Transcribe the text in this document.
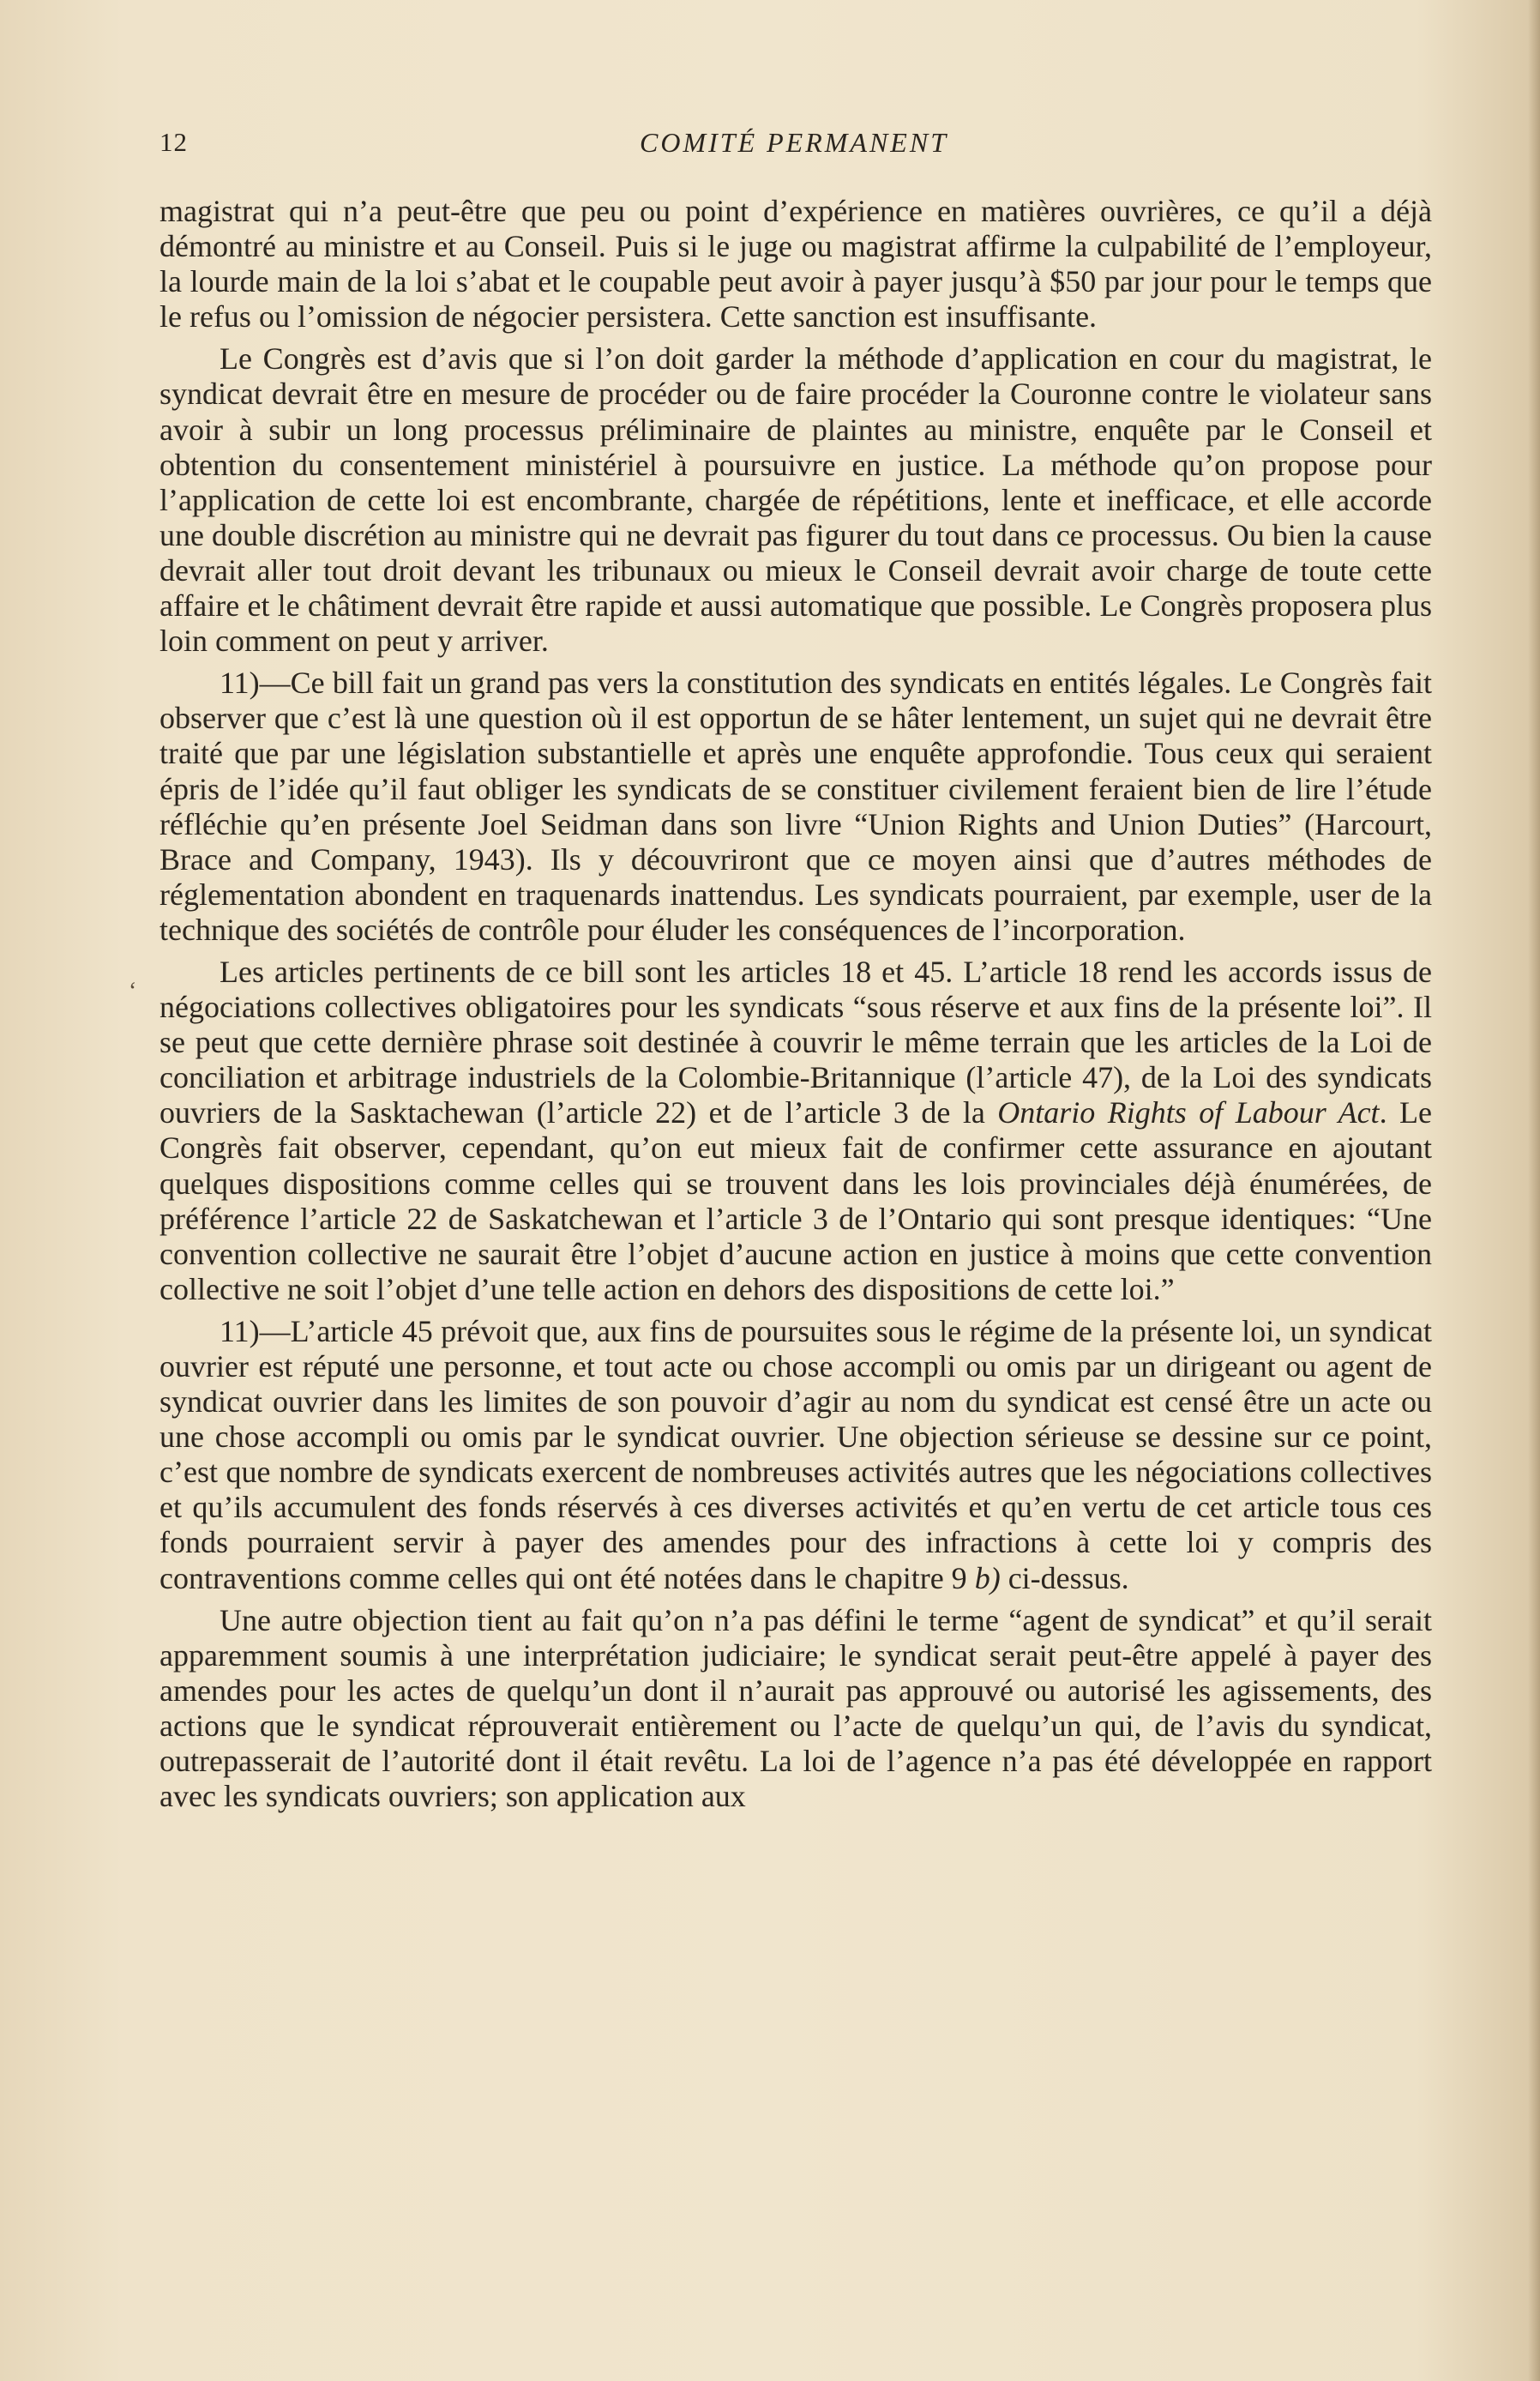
12	COMITÉ PERMANENT
‘

magistrat qui n’a peut-être que peu ou point d’expérience en matières ouvrières, ce qu’il a déjà démontré au ministre et au Conseil. Puis si le juge ou magistrat affirme la culpabilité de l’employeur, la lourde main de la loi s’abat et le coupable peut avoir à payer jusqu’à $50 par jour pour le temps que le refus ou l’omission de négocier persistera. Cette sanction est insuffisante.

Le Congrès est d’avis que si l’on doit garder la méthode d’application en cour du magistrat, le syndicat devrait être en mesure de procéder ou de faire procéder la Couronne contre le violateur sans avoir à subir un long processus préliminaire de plaintes au ministre, enquête par le Conseil et obtention du consentement ministériel à poursuivre en justice. La méthode qu’on propose pour l’application de cette loi est encombrante, chargée de répétitions, lente et inefficace, et elle accorde une double discrétion au ministre qui ne devrait pas figurer du tout dans ce processus. Ou bien la cause devrait aller tout droit devant les tribunaux ou mieux le Conseil devrait avoir charge de toute cette affaire et le châtiment devrait être rapide et aussi automatique que possible. Le Congrès proposera plus loin comment on peut y arriver.

11)—Ce bill fait un grand pas vers la constitution des syndicats en entités légales. Le Congrès fait observer que c’est là une question où il est opportun de se hâter lentement, un sujet qui ne devrait être traité que par une législation substantielle et après une enquête approfondie. Tous ceux qui seraient épris de l’idée qu’il faut obliger les syndicats de se constituer civilement feraient bien de lire l’étude réfléchie qu’en présente Joel Seidman dans son livre “Union Rights and Union Duties” (Harcourt, Brace and Company, 1943). Ils y découvriront que ce moyen ainsi que d’autres méthodes de réglementation abondent en traquenards inattendus. Les syndicats pourraient, par exemple, user de la technique des sociétés de contrôle pour éluder les conséquences de l’incorporation.

Les articles pertinents de ce bill sont les articles 18 et 45. L’article 18 rend les accords issus de négociations collectives obligatoires pour les syndicats “sous réserve et aux fins de la présente loi”. Il se peut que cette dernière phrase soit destinée à couvrir le même terrain que les articles de la Loi de conciliation et arbitrage industriels de la Colombie-Britannique (l’article 47), de la Loi des syndicats ouvriers de la Sasktachewan (l’article 22) et de l’article 3 de la Ontario Rights of Labour Act. Le Congrès fait observer, cependant, qu’on eut mieux fait de confirmer cette assurance en ajoutant quelques dispositions comme celles qui se trouvent dans les lois provinciales déjà énumérées, de préférence l’article 22 de Saskatchewan et l’article 3 de l’Ontario qui sont presque identiques: “Une convention collective ne saurait être l’objet d’aucune action en justice à moins que cette convention collective ne soit l’objet d’une telle action en dehors des dispositions de cette loi.”

11)—L’article 45 prévoit que, aux fins de poursuites sous le régime de la présente loi, un syndicat ouvrier est réputé une personne, et tout acte ou chose accompli ou omis par un dirigeant ou agent de syndicat ouvrier dans les limites de son pouvoir d’agir au nom du syndicat est censé être un acte ou une chose accompli ou omis par le syndicat ouvrier. Une objection sérieuse se dessine sur ce point, c’est que nombre de syndicats exercent de nombreuses activités autres que les négociations collectives et qu’ils accumulent des fonds réservés à ces diverses activités et qu’en vertu de cet article tous ces fonds pourraient servir à payer des amendes pour des infractions à cette loi y compris des contraventions comme celles qui ont été notées dans le chapitre 9 b) ci-dessus.

Une autre objection tient au fait qu’on n’a pas défini le terme “agent de syndicat” et qu’il serait apparemment soumis à une interprétation judiciaire; le syndicat serait peut-être appelé à payer des amendes pour les actes de quelqu’un dont il n’aurait pas approuvé ou autorisé les agissements, des actions que le syndicat réprouverait entièrement ou l’acte de quelqu’un qui, de l’avis du syndicat, outrepasserait de l’autorité dont il était revêtu. La loi de l’agence n’a pas été développée en rapport avec les syndicats ouvriers; son application aux
